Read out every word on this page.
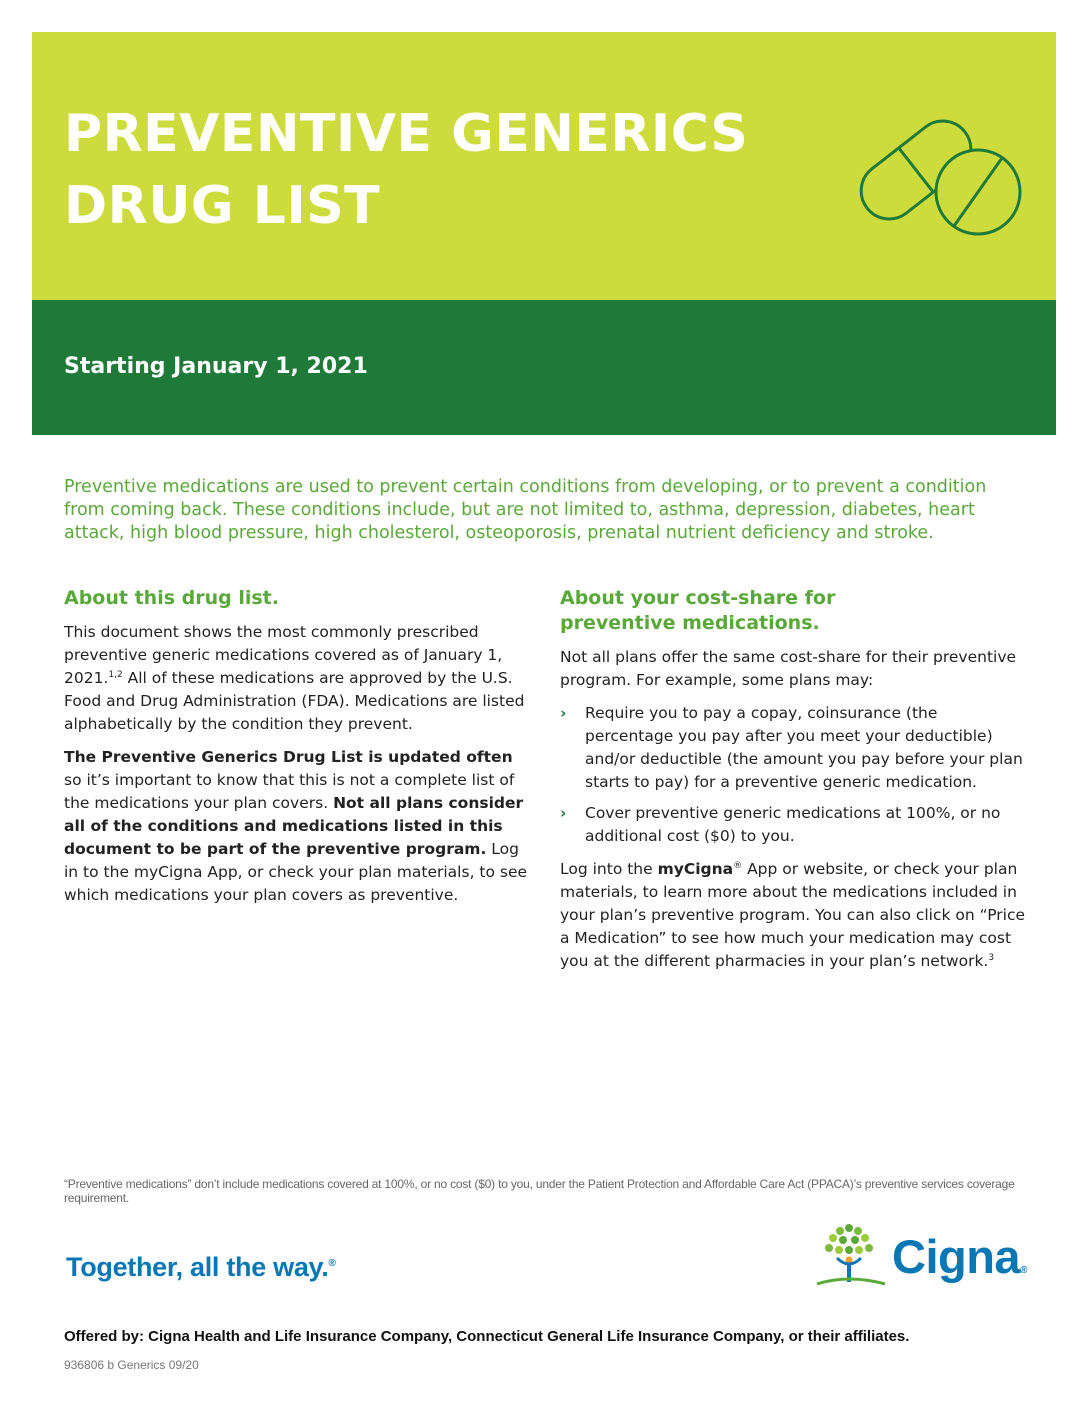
PREVENTIVE GENERICS
DRUG LIST
Starting January 1, 2021

Preventive medications are used to prevent certain conditions from developing, or to prevent a condition from coming back. These conditions include, but are not limited to, asthma, depression, diabetes, heart attack, high blood pressure, high cholesterol, osteoporosis, prenatal nutrient deficiency and stroke.

About this drug list.

This document shows the most commonly prescribed preventive generic medications covered as of January 1, 2021.$^{1,2}$ All of these medications are approved by the U.S. Food and Drug Administration (FDA). Medications are listed alphabetically by the condition they prevent.

The Preventive Generics Drug List is updated often so it’s important to know that this is not a complete list of the medications your plan covers. Not all plans consider all of the conditions and medications listed in this document to be part of the preventive program. Log in to the myCigna App, or check your plan materials, to see which medications your plan covers as preventive.

About your cost-share for
preventive medications.

Not all plans offer the same cost-share for their preventive program. For example, some plans may:

› Require you to pay a copay, coinsurance (the percentage you pay after you meet your deductible) and/or deductible (the amount you pay before your plan starts to pay) for a preventive generic medication.
› Cover preventive generic medications at 100%, or no additional cost ($0) to you.

Log into the myCigna® App or website, or check your plan materials, to learn more about the medications included in your plan’s preventive program. You can also click on “Price a Medication” to see how much your medication may cost you at the different pharmacies in your plan’s network.$^3$

“Preventive medications” don’t include medications covered at 100%, or no cost ($0) to you, under the Patient Protection and Affordable Care Act (PPACA)’s preventive services coverage requirement.
Together, all the way.®	Cigna®
Offered by: Cigna Health and Life Insurance Company, Connecticut General Life Insurance Company, or their affiliates.
936806 b Generics 09/20
